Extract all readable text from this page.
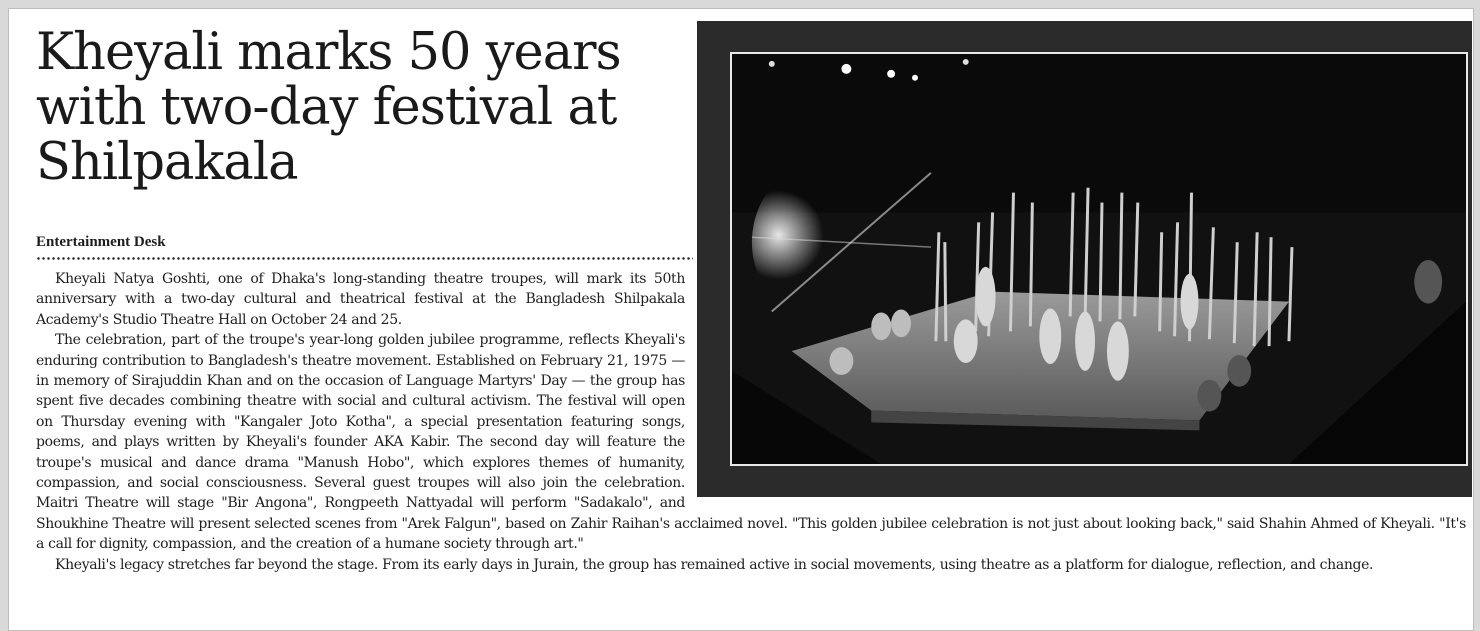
Kheyali marks 50 years with two-day festival at Shilpakala
Entertainment Desk

Kheyali Natya Goshti, one of Dhaka's long-standing theatre troupes, will mark its 50th anniversary with a two-day cultural and theatrical festival at the Bangladesh Shilpakala Academy's Studio Theatre Hall on October 24 and 25.

The celebration, part of the troupe's year-long golden jubilee programme, reflects Kheyali's enduring contribution to Bangladesh's theatre movement. Established on February 21, 1975 — in memory of Sirajuddin Khan and on the occasion of Language Martyrs' Day — the group has spent five decades combining theatre with social and cultural activism. The festival will open on Thursday evening with "Kangaler Joto Kotha", a special presentation featuring songs, poems, and plays written by Kheyali's founder AKA Kabir. The second day will feature the troupe's musical and dance drama "Manush Hobo", which explores themes of humanity, compassion, and social consciousness. Several guest troupes will also join the celebration. Maitri Theatre will stage "Bir Angona", Rongpeeth Nattyadal will perform "Sadakalo", and Shoukhine Theatre will present selected scenes from "Arek Falgun", based on Zahir Raihan's acclaimed novel. "This golden jubilee celebration is not just about looking back," said Shahin Ahmed of Kheyali. "It's a call for dignity, compassion, and the creation of a humane society through art."

Kheyali's legacy stretches far beyond the stage. From its early days in Jurain, the group has remained active in social movements, using theatre as a platform for dialogue, reflection, and change.
